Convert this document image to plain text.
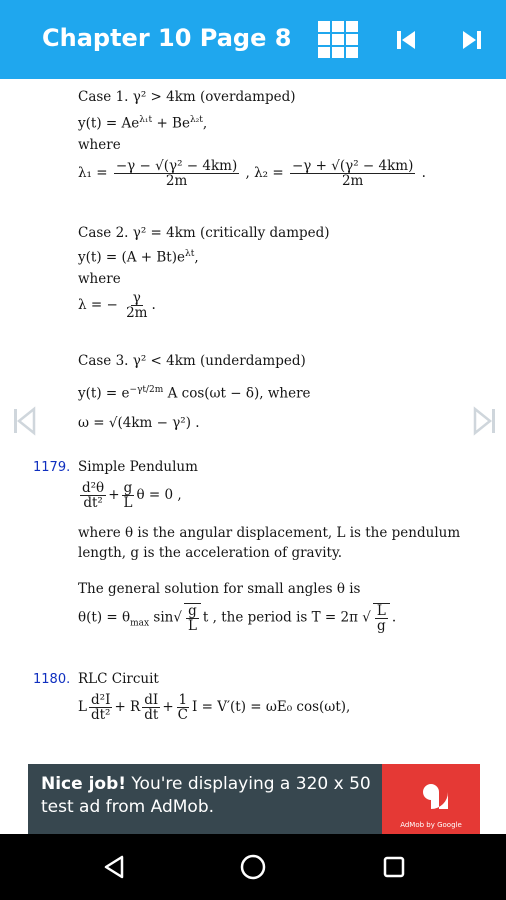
Chapter 10 Page 8
Case 1. γ² > 4km (overdamped)
$y(t) = Ae^{\lambda_1t} + Be^{\lambda_2t}$,
where
$\lambda_1 = \frac{\text{−γ − √(γ² − 4km)}}{2m}$ , $\lambda_2 = \frac{\text{−γ + √(γ² − 4km)}}{2m}$ .
Case 2. γ² = 4km (critically damped)
$y(t) = (A + Bt)e^{\lambda t}$,
where
λ = − $\frac{\gamma}{2m}$ .
Case 3. γ² < 4km (underdamped)
$y(t) = e^{-\gamma t/2m}$ A cos(ωt − δ), where
ω = √(4km − γ²) .
1179. Simple Pendulum
$\frac{\text{d²θ}}{\text{dt²}} + \frac{g}{L}$ θ = 0 ,
where θ is the angular displacement, L is the pendulum
length, g is the acceleration of gravity.
The general solution for small angles θ is
$\theta(t) = \theta_{max}$ $\sin√ \frac{g}{L}$ t , the period is T = 2π √ $\frac{L}{g}$ .
1180. RLC Circuit
L $\frac{\text{d²I}}{\text{dt²}} + R \frac{dI}{dt} + \frac{1}{C}$ I = V′(t) = ωE₀ cos(ωt),
Nice job! You're displaying a 320 x 50 test ad from AdMob.
AdMob by Google
